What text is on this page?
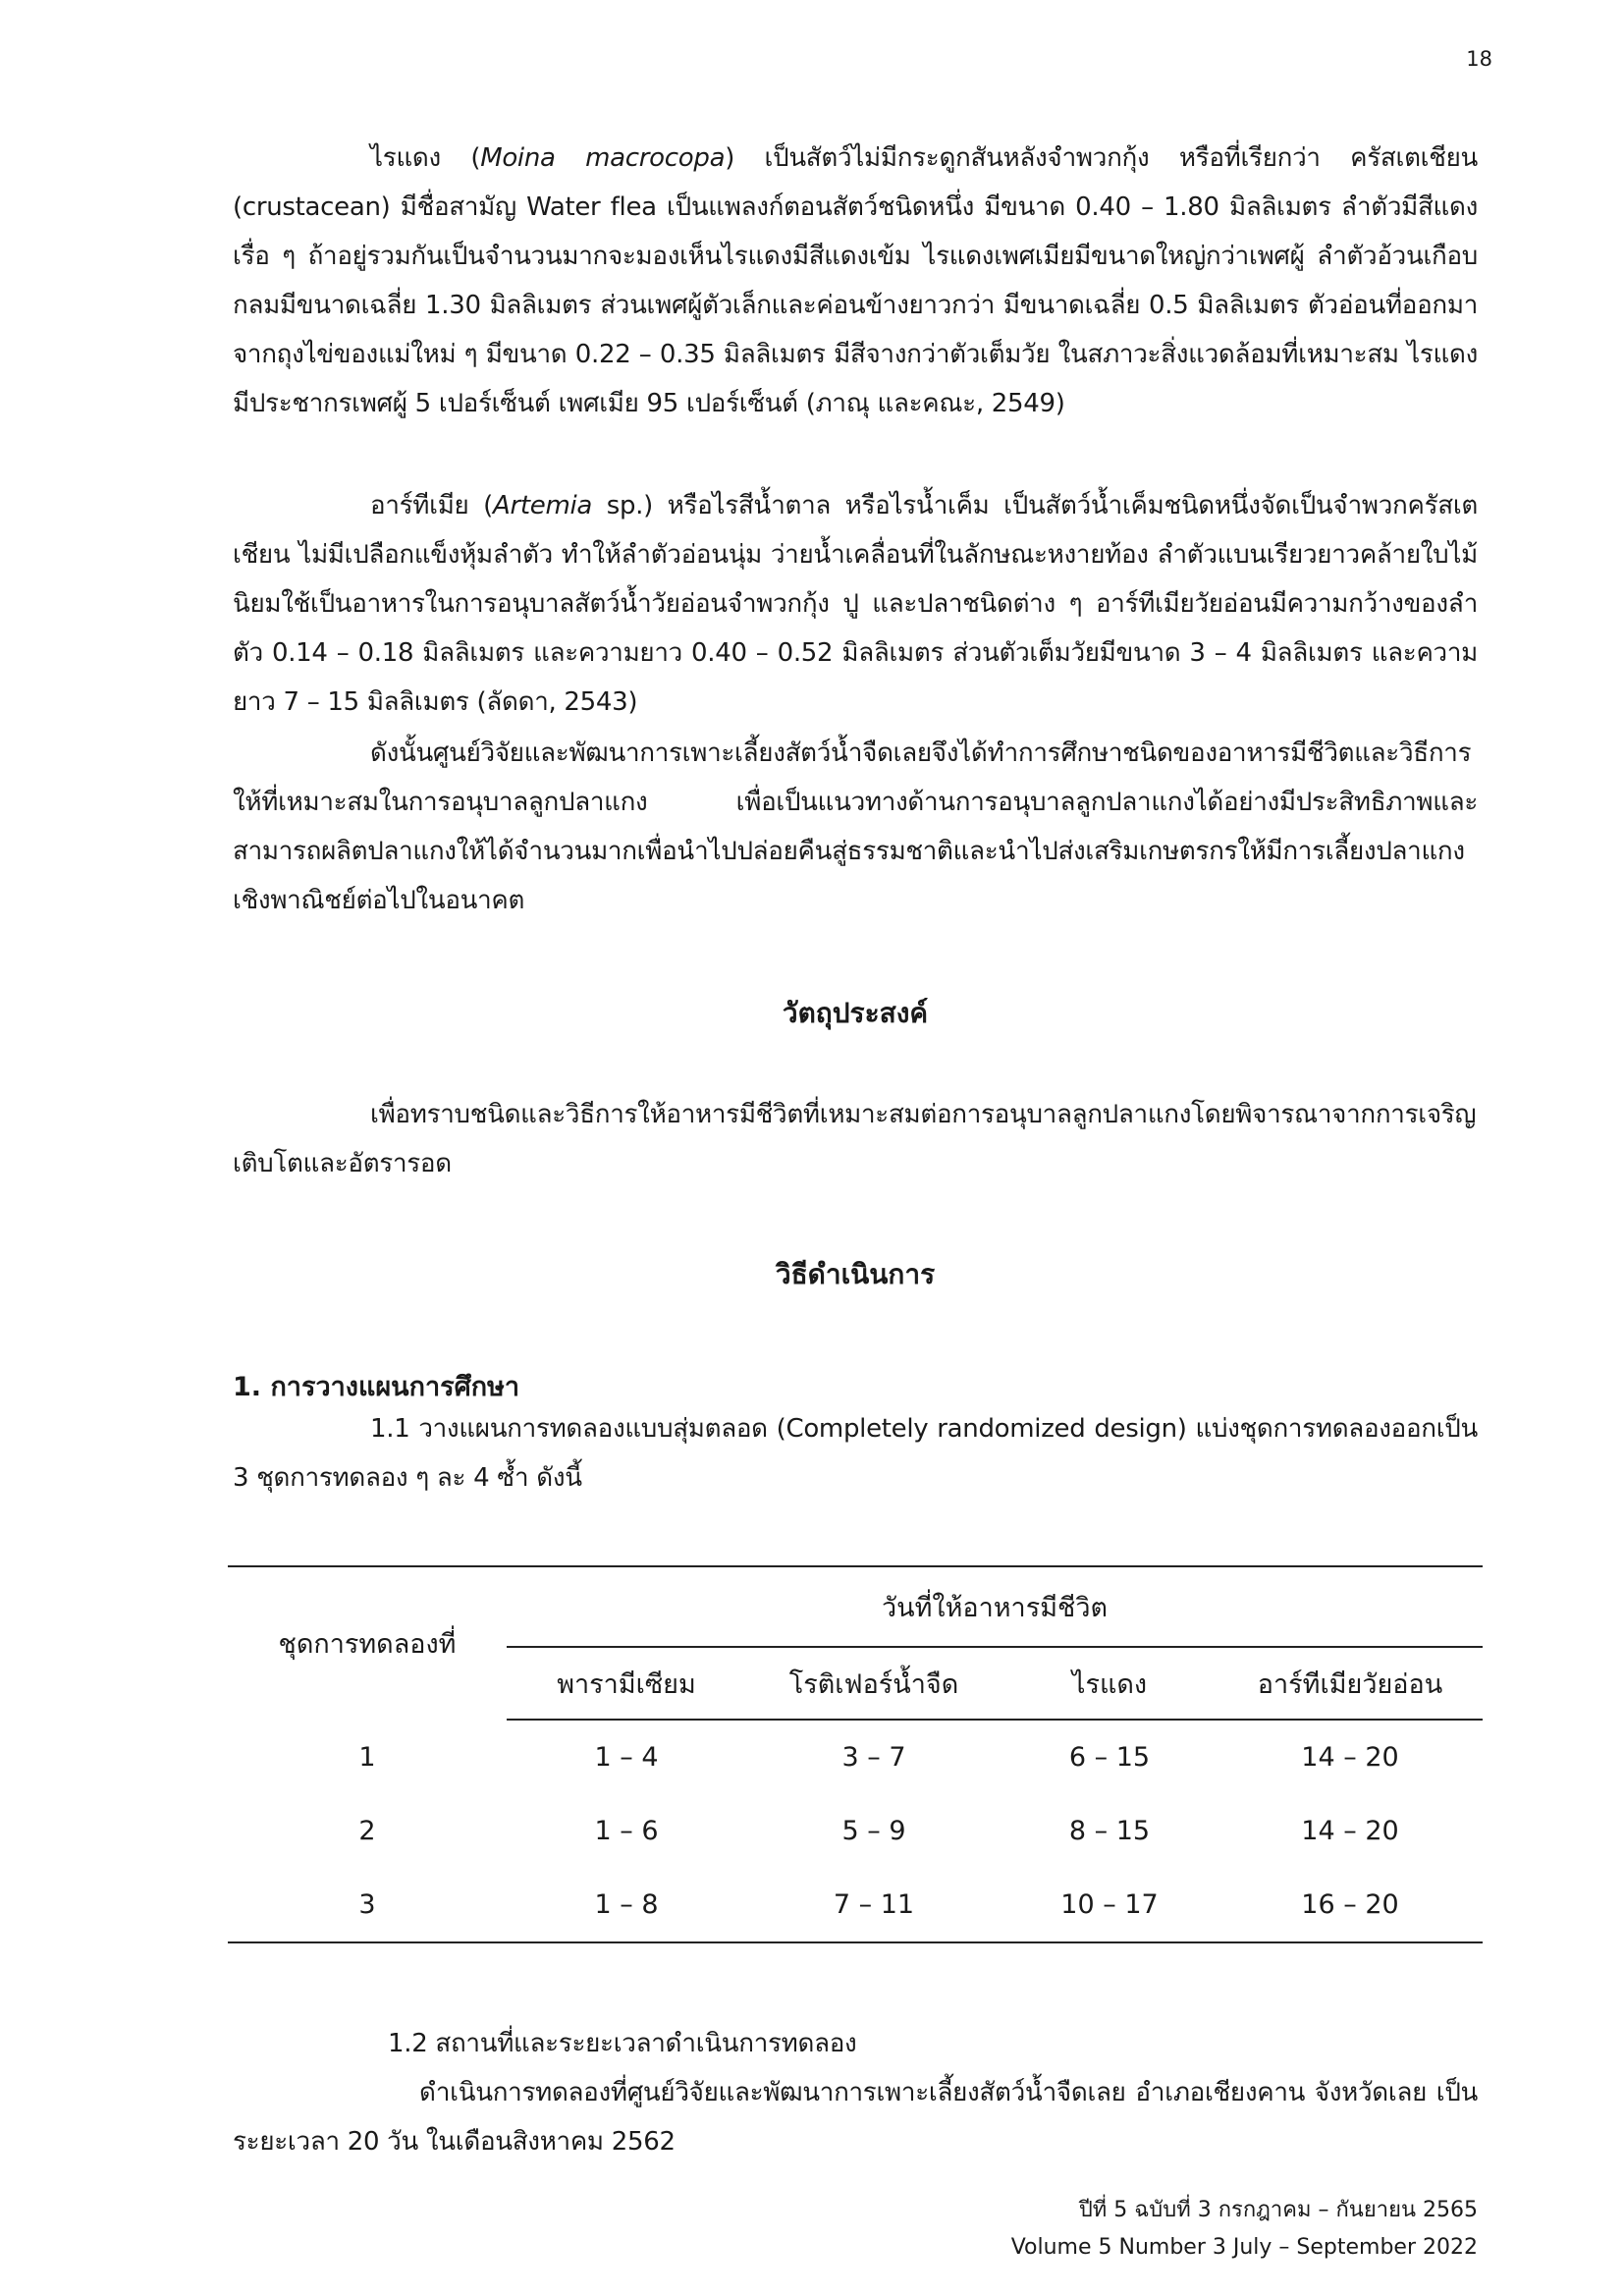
18

ไรแดง (Moina macrocopa) เป็นสัตว์ไม่มีกระดูกสันหลังจำพวกกุ้ง หรือที่เรียกว่า ครัสเตเชียน (crustacean) มีชื่อสามัญ Water flea เป็นแพลงก์ตอนสัตว์ชนิดหนึ่ง มีขนาด 0.40 – 1.80 มิลลิเมตร ลำตัวมีสีแดงเรื่อ ๆ ถ้าอยู่รวมกันเป็นจำนวนมากจะมองเห็นไรแดงมีสีแดงเข้ม ไรแดงเพศเมียมีขนาดใหญ่กว่าเพศผู้ ลำตัวอ้วนเกือบกลมมีขนาดเฉลี่ย 1.30 มิลลิเมตร ส่วนเพศผู้ตัวเล็กและค่อนข้างยาวกว่า มีขนาดเฉลี่ย 0.5 มิลลิเมตร ตัวอ่อนที่ออกมาจากถุงไข่ของแม่ใหม่ ๆ มีขนาด 0.22 – 0.35 มิลลิเมตร มีสีจางกว่าตัวเต็มวัย ในสภาวะสิ่งแวดล้อมที่เหมาะสม ไรแดงมีประชากรเพศผู้ 5 เปอร์เซ็นต์ เพศเมีย 95 เปอร์เซ็นต์ (ภาณุ และคณะ, 2549)

อาร์ทีเมีย (Artemia sp.) หรือไรสีน้ำตาล หรือไรน้ำเค็ม เป็นสัตว์น้ำเค็มชนิดหนึ่งจัดเป็นจำพวกครัสเตเชียน ไม่มีเปลือกแข็งหุ้มลำตัว ทำให้ลำตัวอ่อนนุ่ม ว่ายน้ำเคลื่อนที่ในลักษณะหงายท้อง ลำตัวแบนเรียวยาวคล้ายใบไม้ นิยมใช้เป็นอาหารในการอนุบาลสัตว์น้ำวัยอ่อนจำพวกกุ้ง ปู และปลาชนิดต่าง ๆ อาร์ทีเมียวัยอ่อนมีความกว้างของลำตัว 0.14 – 0.18 มิลลิเมตร และความยาว 0.40 – 0.52 มิลลิเมตร ส่วนตัวเต็มวัยมีขนาด 3 – 4 มิลลิเมตร และความยาว 7 – 15 มิลลิเมตร (ลัดดา, 2543)

ดังนั้นศูนย์วิจัยและพัฒนาการเพาะเลี้ยงสัตว์น้ำจืดเลยจึงได้ทำการศึกษาชนิดของอาหารมีชีวิตและวิธีการให้ที่เหมาะสมในการอนุบาลลูกปลาแกง เพื่อเป็นแนวทางด้านการอนุบาลลูกปลาแกงได้อย่างมีประสิทธิภาพและสามารถผลิตปลาแกงให้ได้จำนวนมากเพื่อนำไปปล่อยคืนสู่ธรรมชาติและนำไปส่งเสริมเกษตรกรให้มีการเลี้ยงปลาแกงเชิงพาณิชย์ต่อไปในอนาคต

วัตถุประสงค์

เพื่อทราบชนิดและวิธีการให้อาหารมีชีวิตที่เหมาะสมต่อการอนุบาลลูกปลาแกงโดยพิจารณาจากการเจริญเติบโตและอัตรารอด

วิธีดำเนินการ
1. การวางแผนการศึกษา

1.1 วางแผนการทดลองแบบสุ่มตลอด (Completely randomized design) แบ่งชุดการทดลองออกเป็น 3 ชุดการทดลอง ๆ ละ 4 ซ้ำ ดังนี้

ชุดการทดลองที่	วันที่ให้อาหารมีชีวิต			
	พารามีเซียม	โรติเฟอร์น้ำจืด	ไรแดง	อาร์ทีเมียวัยอ่อน
1	1 – 4	3 – 7	6 – 15	14 – 20
2	1 – 6	5 – 9	8 – 15	14 – 20
3	1 – 8	7 – 11	10 – 17	16 – 20

1.2 สถานที่และระยะเวลาดำเนินการทดลอง

ดำเนินการทดลองที่ศูนย์วิจัยและพัฒนาการเพาะเลี้ยงสัตว์น้ำจืดเลย อำเภอเชียงคาน จังหวัดเลย เป็นระยะเวลา 20 วัน ในเดือนสิงหาคม 2562

ปีที่ 5 ฉบับที่ 3 กรกฎาคม – กันยายน 2565
Volume 5 Number 3 July – September 2022
